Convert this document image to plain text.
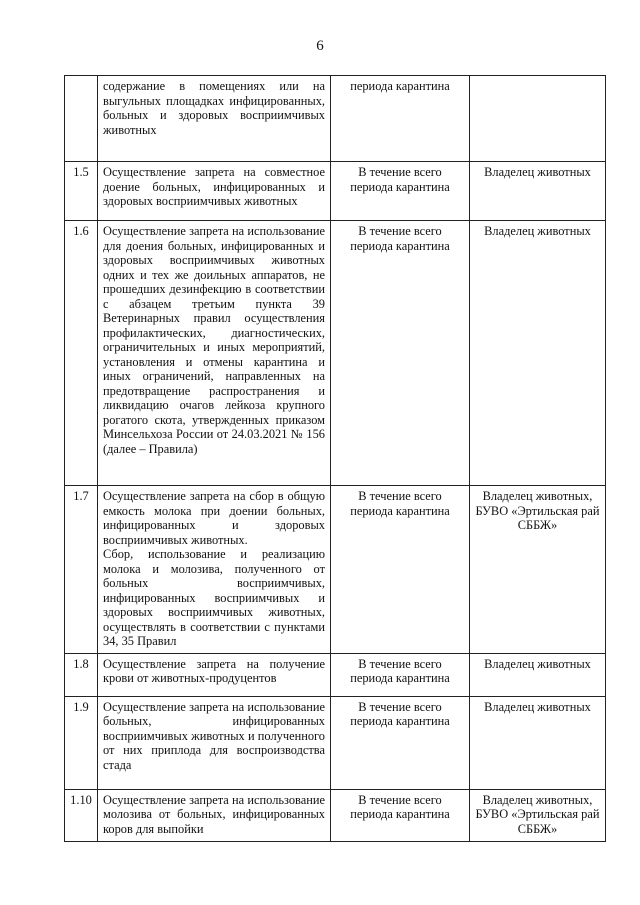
6

	содержание в помещениях или на выгульных площадках инфицированных, больных и здоровых восприимчивых животных	периода карантина	
1.5	Осуществление запрета на совместное доение больных, инфицированных и здоровых восприимчивых животных	В течение всего периода карантина	Владелец животных
1.6	Осуществление запрета на использование для доения больных, инфицированных и здоровых восприимчивых животных одних и тех же доильных аппаратов, не прошедших дезинфекцию в соответствии с абзацем третьим пункта 39 Ветеринарных правил осуществления профилактических, диагностических, ограничительных и иных мероприятий, установления и отмены карантина и иных ограничений, направленных на предотвращение распространения и ликвидацию очагов лейкоза крупного рогатого скота, утвержденных приказом Минсельхоза России от 24.03.2021 № 156 (далее – Правила)	В течение всего периода карантина	Владелец животных
1.7	Осуществление запрета на сбор в общую емкость молока при доении больных, инфицированных и здоровых восприимчивых животных.
Сбор, использование и реализацию молока и молозива, полученного от больных восприимчивых, инфицированных восприимчивых и здоровых восприимчивых животных, осуществлять в соответствии с пунктами 34, 35 Правил	В течение всего периода карантина	Владелец животных, БУВО «Эртильская рай СББЖ»
1.8	Осуществление запрета на получение крови от животных-продуцентов	В течение всего периода карантина	Владелец животных
1.9	Осуществление запрета на использование больных, инфицированных восприимчивых животных и полученного от них приплода для воспроизводства стада	В течение всего периода карантина	Владелец животных
1.10	Осуществление запрета на использование молозива от больных, инфицированных коров для выпойки	В течение всего периода карантина	Владелец животных, БУВО «Эртильская рай СББЖ»
